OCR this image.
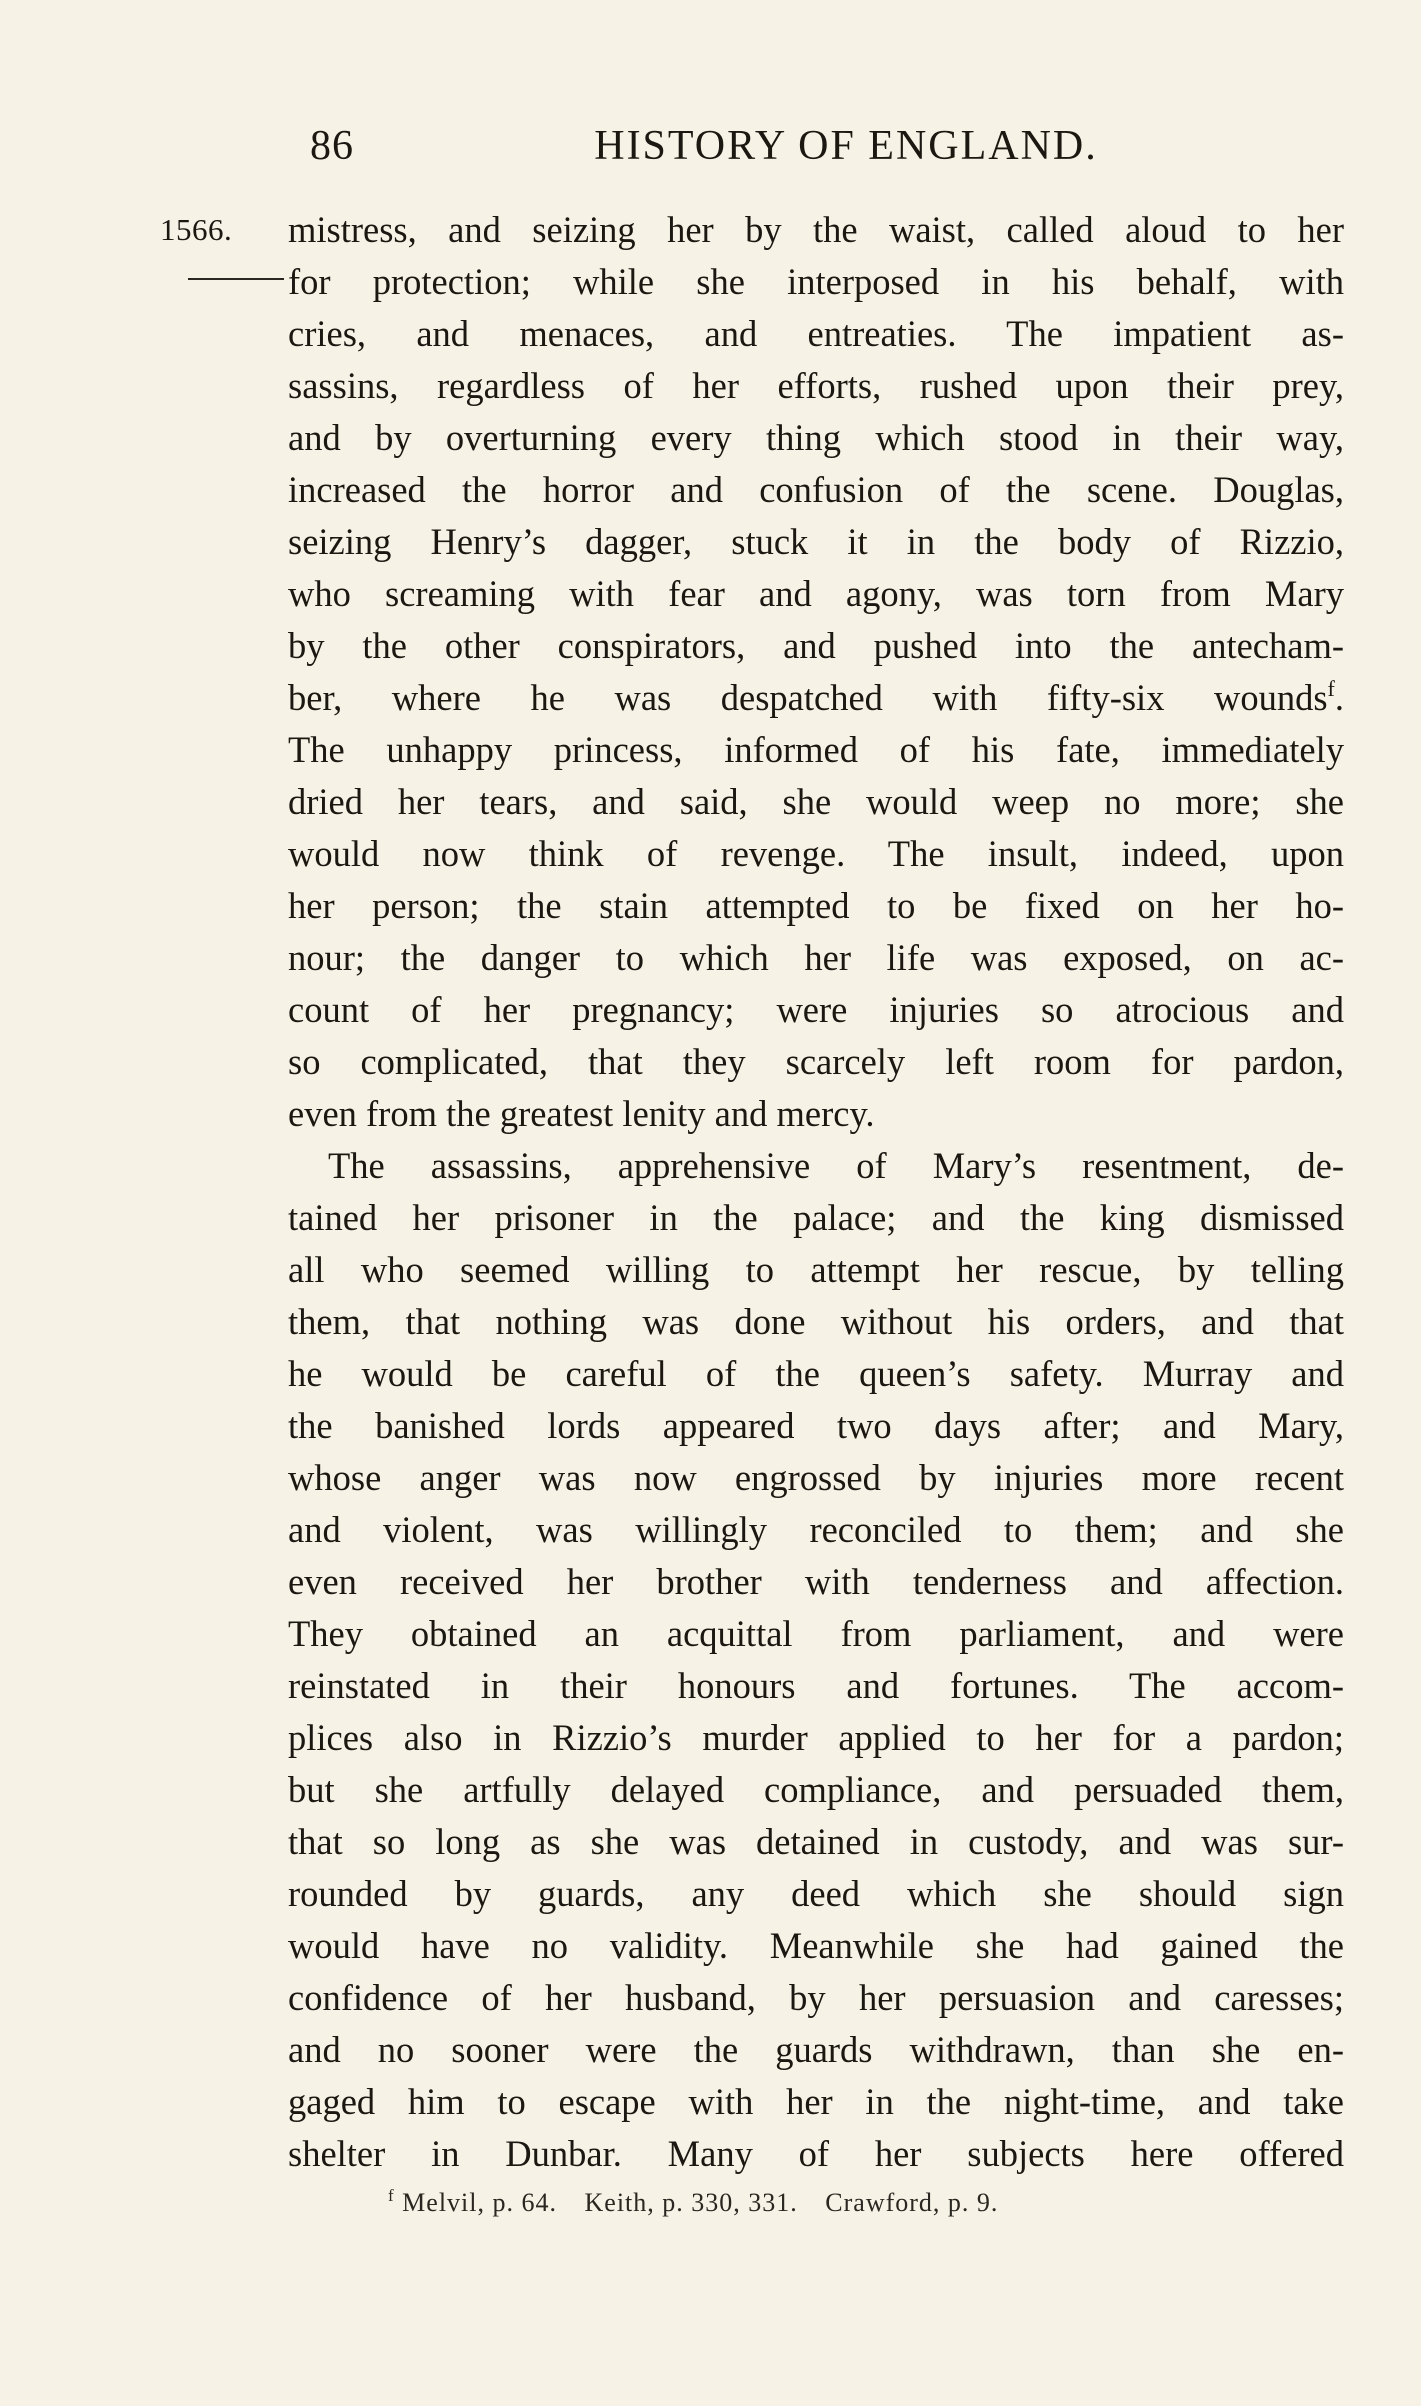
86	HISTORY OF ENGLAND.
1566. mistress, and seizing her by the waist, called aloud to her
for protection; while she interposed in his behalf, with
cries, and menaces, and entreaties. The impatient as-
sassins, regardless of her efforts, rushed upon their prey,
and by overturning every thing which stood in their way,
increased the horror and confusion of the scene. Douglas,
seizing Henry’s dagger, stuck it in the body of Rizzio,
who screaming with fear and agony, was torn from Mary
by the other conspirators, and pushed into the antecham-
ber, where he was despatched with fifty-six wounds$^f$.
The unhappy princess, informed of his fate, immediately
dried her tears, and said, she would weep no more; she
would now think of revenge. The insult, indeed, upon
her person; the stain attempted to be fixed on her ho-
nour; the danger to which her life was exposed, on ac-
count of her pregnancy; were injuries so atrocious and
so complicated, that they scarcely left room for pardon,
even from the greatest lenity and mercy.
The assassins, apprehensive of Mary’s resentment, de-
tained her prisoner in the palace; and the king dismissed
all who seemed willing to attempt her rescue, by telling
them, that nothing was done without his orders, and that
he would be careful of the queen’s safety. Murray and
the banished lords appeared two days after; and Mary,
whose anger was now engrossed by injuries more recent
and violent, was willingly reconciled to them; and she
even received her brother with tenderness and affection.
They obtained an acquittal from parliament, and were
reinstated in their honours and fortunes. The accom-
plices also in Rizzio’s murder applied to her for a pardon;
but she artfully delayed compliance, and persuaded them,
that so long as she was detained in custody, and was sur-
rounded by guards, any deed which she should sign
would have no validity. Meanwhile she had gained the
confidence of her husband, by her persuasion and caresses;
and no sooner were the guards withdrawn, than she en-
gaged him to escape with her in the night-time, and take
shelter in Dunbar. Many of her subjects here offered
$^f$ Melvil, p. 64. Keith, p. 330, 331. Crawford, p. 9.
